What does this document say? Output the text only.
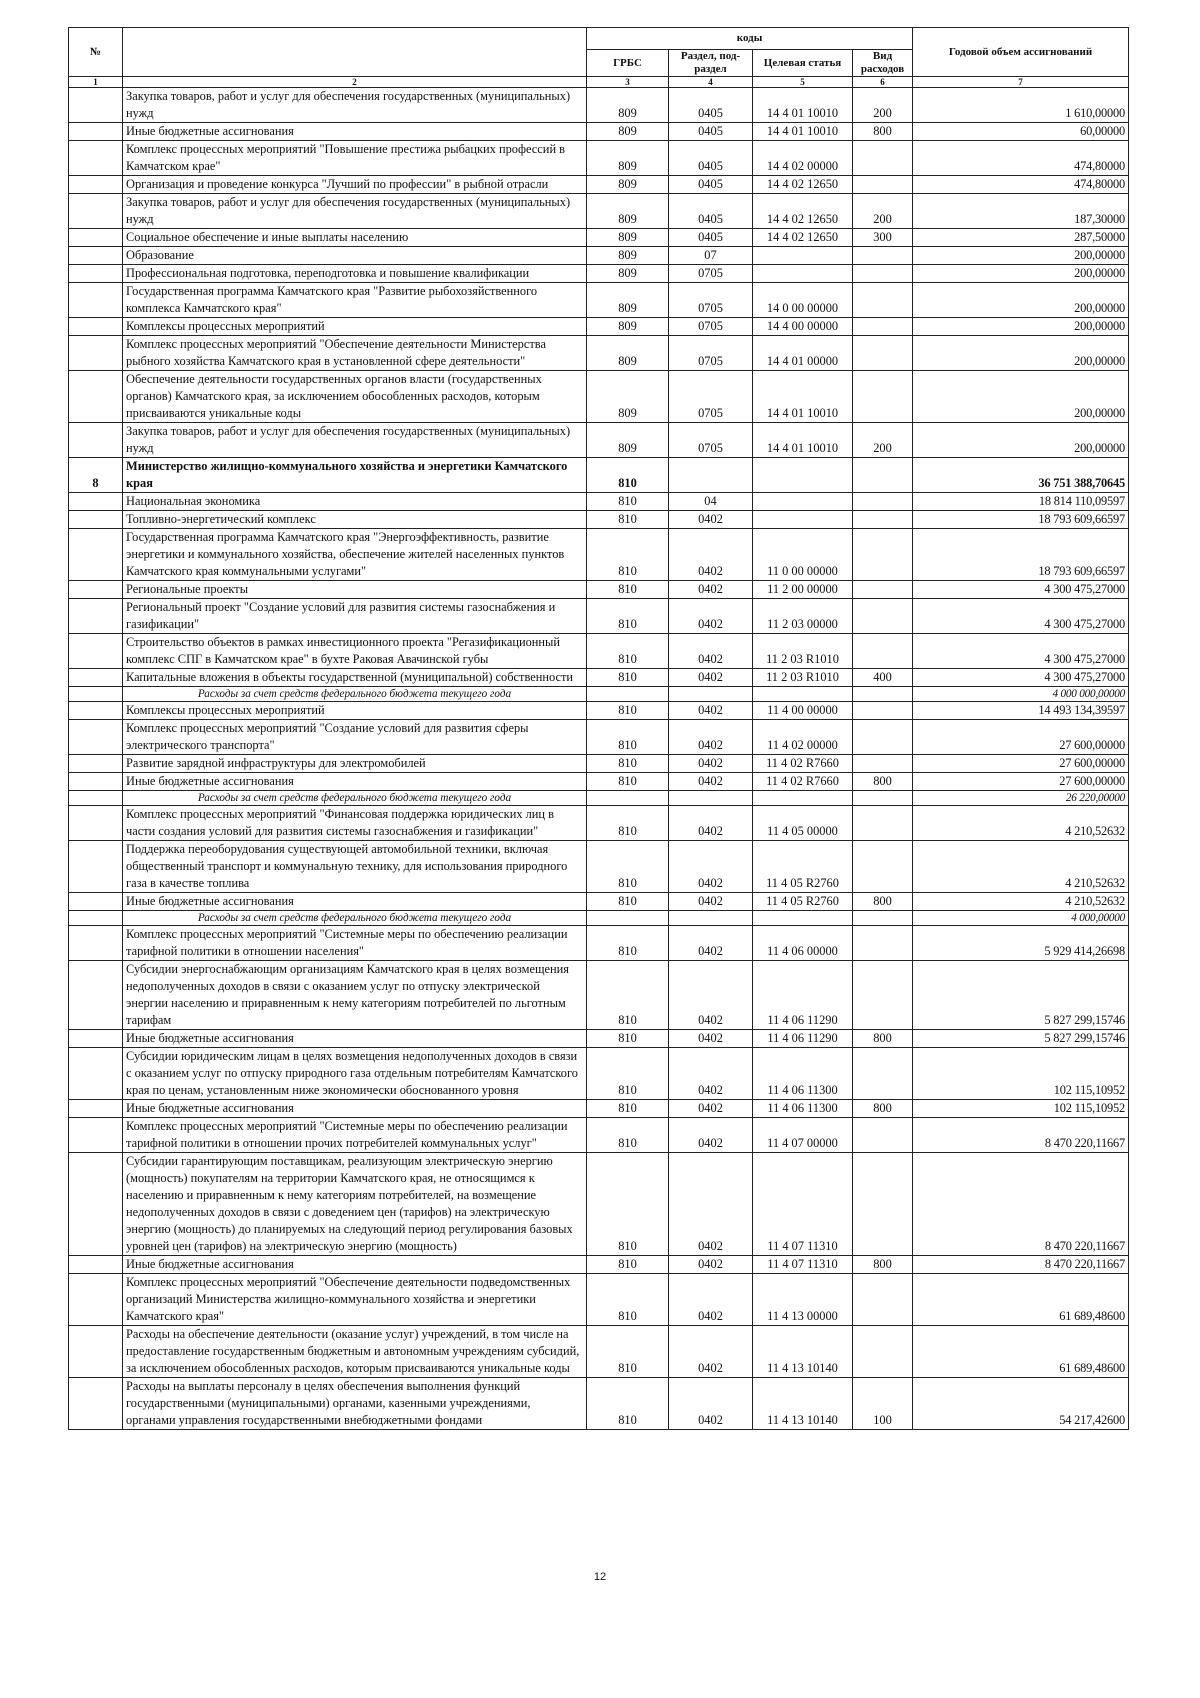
№		коды				Годовой объем ассигнований
		ГРБС	Раздел, под-раздел	Целевая статья	Вид расходов	
1	2	3	4	5	6	7
	Закупка товаров, работ и услуг для обеспечения государственных (муниципальных) нужд	809	0405	14 4 01 10010	200	1 610,00000
	Иные бюджетные ассигнования	809	0405	14 4 01 10010	800	60,00000
	Комплекс процессных мероприятий "Повышение престижа рыбацких профессий в Камчатском крае"	809	0405	14 4 02 00000		474,80000
	Организация и проведение конкурса "Лучший по профессии" в рыбной отрасли	809	0405	14 4 02 12650		474,80000
	Закупка товаров, работ и услуг для обеспечения государственных (муниципальных) нужд	809	0405	14 4 02 12650	200	187,30000
	Социальное обеспечение и иные выплаты населению	809	0405	14 4 02 12650	300	287,50000
	Образование	809	07			200,00000
	Профессиональная подготовка, переподготовка и повышение квалификации	809	0705			200,00000
	Государственная программа Камчатского края "Развитие рыбохозяйственного комплекса Камчатского края"	809	0705	14 0 00 00000		200,00000
	Комплексы процессных мероприятий	809	0705	14 4 00 00000		200,00000
	Комплекс процессных мероприятий "Обеспечение деятельности Министерства рыбного хозяйства Камчатского края в установленной сфере деятельности"	809	0705	14 4 01 00000		200,00000
	Обеспечение деятельности государственных органов власти (государственных органов) Камчатского края, за исключением обособленных расходов, которым присваиваются уникальные коды	809	0705	14 4 01 10010		200,00000
	Закупка товаров, работ и услуг для обеспечения государственных (муниципальных) нужд	809	0705	14 4 01 10010	200	200,00000
8	Министерство жилищно-коммунального хозяйства и энергетики Камчатского края	810				36 751 388,70645
	Национальная экономика	810	04			18 814 110,09597
	Топливно-энергетический комплекс	810	0402			18 793 609,66597
	Государственная программа Камчатского края "Энергоэффективность, развитие энергетики и коммунального хозяйства, обеспечение жителей населенных пунктов Камчатского края коммунальными услугами"	810	0402	11 0 00 00000		18 793 609,66597
	Региональные проекты	810	0402	11 2 00 00000		4 300 475,27000
	Региональный проект "Создание условий для развития системы газоснабжения и газификации"	810	0402	11 2 03 00000		4 300 475,27000
	Строительство объектов в рамках инвестиционного проекта "Регазификационный комплекс СПГ в Камчатском крае" в бухте Раковая Авачинской губы	810	0402	11 2 03 R1010		4 300 475,27000
	Капитальные вложения в объекты государственной (муниципальной) собственности	810	0402	11 2 03 R1010	400	4 300 475,27000
	Расходы за счет средств федерального бюджета текущего года					4 000 000,00000
	Комплексы процессных мероприятий	810	0402	11 4 00 00000		14 493 134,39597
	Комплекс процессных мероприятий "Создание условий для развития сферы электрического транспорта"	810	0402	11 4 02 00000		27 600,00000
	Развитие зарядной инфраструктуры для электромобилей	810	0402	11 4 02 R7660		27 600,00000
	Иные бюджетные ассигнования	810	0402	11 4 02 R7660	800	27 600,00000
	Расходы за счет средств федерального бюджета текущего года					26 220,00000
	Комплекс процессных мероприятий "Финансовая поддержка юридических лиц в части создания условий для развития системы газоснабжения и газификации"	810	0402	11 4 05 00000		4 210,52632
	Поддержка переоборудования существующей автомобильной техники, включая общественный транспорт и коммунальную технику, для использования природного газа в качестве топлива	810	0402	11 4 05 R2760		4 210,52632
	Иные бюджетные ассигнования	810	0402	11 4 05 R2760	800	4 210,52632
	Расходы за счет средств федерального бюджета текущего года					4 000,00000
	Комплекс процессных мероприятий "Системные меры по обеспечению реализации тарифной политики в отношении населения"	810	0402	11 4 06 00000		5 929 414,26698
	Субсидии энергоснабжающим организациям Камчатского края в целях возмещения недополученных доходов в связи с оказанием услуг по отпуску электрической энергии населению и приравненным к нему категориям потребителей по льготным тарифам	810	0402	11 4 06 11290		5 827 299,15746
	Иные бюджетные ассигнования	810	0402	11 4 06 11290	800	5 827 299,15746
	Субсидии юридическим лицам в целях возмещения недополученных доходов в связи с оказанием услуг по отпуску природного газа отдельным потребителям Камчатского края по ценам, установленным ниже экономически обоснованного уровня	810	0402	11 4 06 11300		102 115,10952
	Иные бюджетные ассигнования	810	0402	11 4 06 11300	800	102 115,10952
	Комплекс процессных мероприятий "Системные меры по обеспечению реализации тарифной политики в отношении прочих потребителей коммунальных услуг"	810	0402	11 4 07 00000		8 470 220,11667
	Субсидии гарантирующим поставщикам, реализующим электрическую энергию (мощность) покупателям на территории Камчатского края, не относящимся к населению и приравненным к нему категориям потребителей, на возмещение недополученных доходов в связи с доведением цен (тарифов) на электрическую энергию (мощность) до планируемых на следующий период регулирования базовых уровней цен (тарифов) на электрическую энергию (мощность)	810	0402	11 4 07 11310		8 470 220,11667
	Иные бюджетные ассигнования	810	0402	11 4 07 11310	800	8 470 220,11667
	Комплекс процессных мероприятий "Обеспечение деятельности подведомственных организаций Министерства жилищно-коммунального хозяйства и энергетики Камчатского края"	810	0402	11 4 13 00000		61 689,48600
	Расходы на обеспечение деятельности (оказание услуг) учреждений, в том числе на предоставление государственным бюджетным и автономным учреждениям субсидий, за исключением обособленных расходов, которым присваиваются уникальные коды	810	0402	11 4 13 10140		61 689,48600
	Расходы на выплаты персоналу в целях обеспечения выполнения функций государственными (муниципальными) органами, казенными учреждениями, органами управления государственными внебюджетными фондами	810	0402	11 4 13 10140	100	54 217,42600
12
